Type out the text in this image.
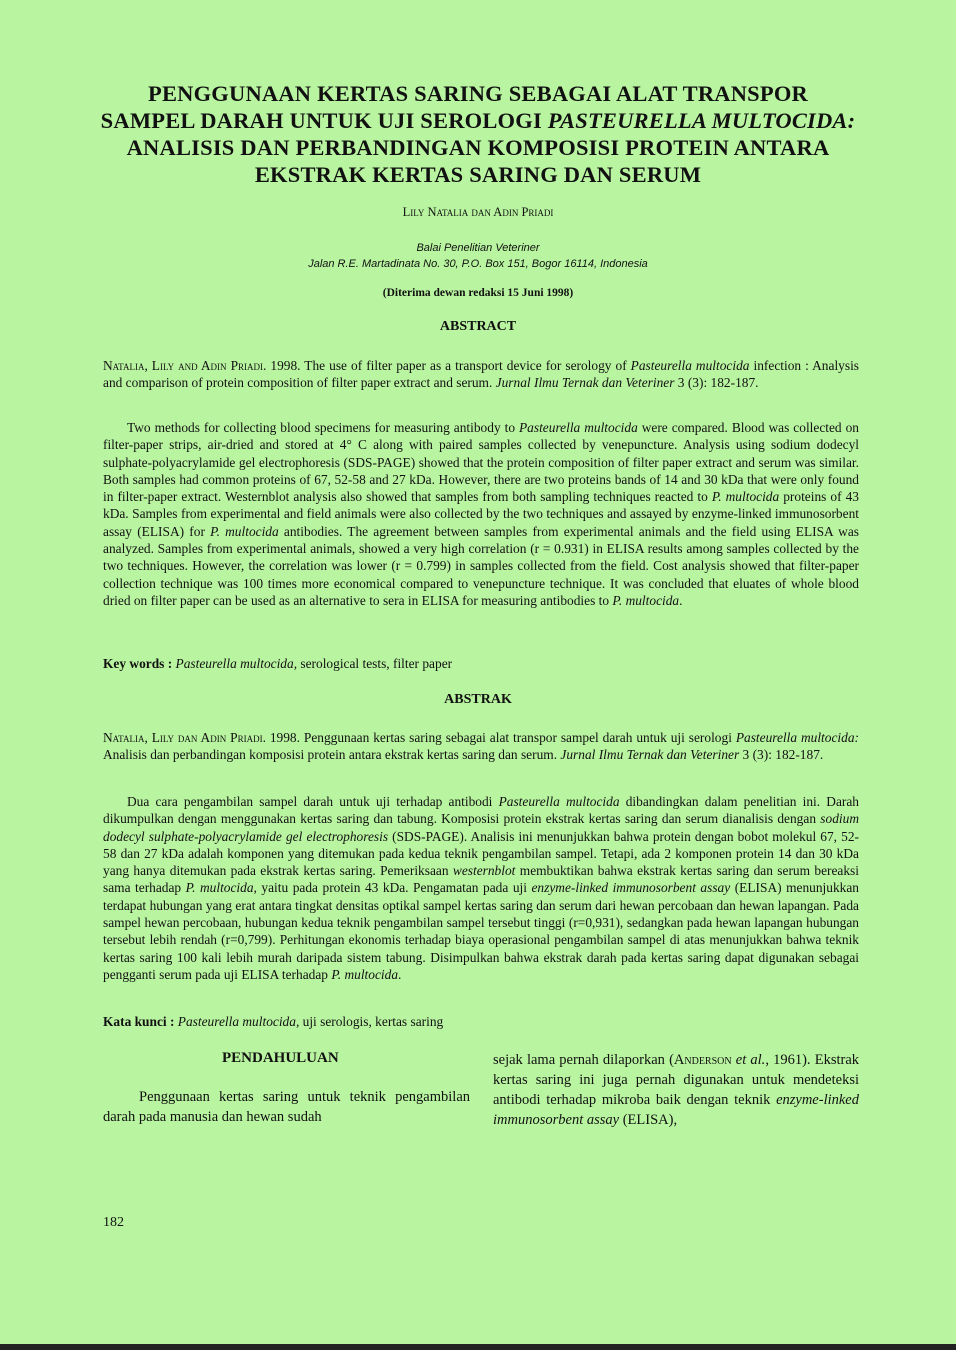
PENGGUNAAN KERTAS SARING SEBAGAI ALAT TRANSPOR
SAMPEL DARAH UNTUK UJI SEROLOGI PASTEURELLA MULTOCIDA:
ANALISIS DAN PERBANDINGAN KOMPOSISI PROTEIN ANTARA
EKSTRAK KERTAS SARING DAN SERUM
Lily Natalia dan Adin Priadi
Balai Penelitian Veteriner
Jalan R.E. Martadinata No. 30, P.O. Box 151, Bogor 16114, Indonesia
(Diterima dewan redaksi 15 Juni 1998)
ABSTRACT

Natalia, Lily and Adin Priadi. 1998. The use of filter paper as a transport device for serology of Pasteurella multocida infection : Analysis and comparison of protein composition of filter paper extract and serum. Jurnal Ilmu Ternak dan Veteriner 3 (3): 182-187.

Two methods for collecting blood specimens for measuring antibody to Pasteurella multocida were compared. Blood was collected on filter-paper strips, air-dried and stored at 4° C along with paired samples collected by venepuncture. Analysis using sodium dodecyl sulphate-polyacrylamide gel electrophoresis (SDS-PAGE) showed that the protein composition of filter paper extract and serum was similar. Both samples had common proteins of 67, 52-58 and 27 kDa. However, there are two proteins bands of 14 and 30 kDa that were only found in filter-paper extract. Westernblot analysis also showed that samples from both sampling techniques reacted to P. multocida proteins of 43 kDa. Samples from experimental and field animals were also collected by the two techniques and assayed by enzyme-linked immunosorbent assay (ELISA) for P. multocida antibodies. The agreement between samples from experimental animals and the field using ELISA was analyzed. Samples from experimental animals, showed a very high correlation (r = 0.931) in ELISA results among samples collected by the two techniques. However, the correlation was lower (r = 0.799) in samples collected from the field. Cost analysis showed that filter-paper collection technique was 100 times more economical compared to venepuncture technique. It was concluded that eluates of whole blood dried on filter paper can be used as an alternative to sera in ELISA for measuring antibodies to P. multocida.

Key words : Pasteurella multocida, serological tests, filter paper

ABSTRAK

Natalia, Lily dan Adin Priadi. 1998. Penggunaan kertas saring sebagai alat transpor sampel darah untuk uji serologi Pasteurella multocida: Analisis dan perbandingan komposisi protein antara ekstrak kertas saring dan serum. Jurnal Ilmu Ternak dan Veteriner 3 (3): 182-187.

Dua cara pengambilan sampel darah untuk uji terhadap antibodi Pasteurella multocida dibandingkan dalam penelitian ini. Darah dikumpulkan dengan menggunakan kertas saring dan tabung. Komposisi protein ekstrak kertas saring dan serum dianalisis dengan sodium dodecyl sulphate-polyacrylamide gel electrophoresis (SDS-PAGE). Analisis ini menunjukkan bahwa protein dengan bobot molekul 67, 52-58 dan 27 kDa adalah komponen yang ditemukan pada kedua teknik pengambilan sampel. Tetapi, ada 2 komponen protein 14 dan 30 kDa yang hanya ditemukan pada ekstrak kertas saring. Pemeriksaan westernblot membuktikan bahwa ekstrak kertas saring dan serum bereaksi sama terhadap P. multocida, yaitu pada protein 43 kDa. Pengamatan pada uji enzyme-linked immunosorbent assay (ELISA) menunjukkan terdapat hubungan yang erat antara tingkat densitas optikal sampel kertas saring dan serum dari hewan percobaan dan hewan lapangan. Pada sampel hewan percobaan, hubungan kedua teknik pengambilan sampel tersebut tinggi (r=0,931), sedangkan pada hewan lapangan hubungan tersebut lebih rendah (r=0,799). Perhitungan ekonomis terhadap biaya operasional pengambilan sampel di atas menunjukkan bahwa teknik kertas saring 100 kali lebih murah daripada sistem tabung. Disimpulkan bahwa ekstrak darah pada kertas saring dapat digunakan sebagai pengganti serum pada uji ELISA terhadap P. multocida.

Kata kunci : Pasteurella multocida, uji serologis, kertas saring

PENDAHULUAN

Penggunaan kertas saring untuk teknik pengambilan darah pada manusia dan hewan sudah

sejak lama pernah dilaporkan (Anderson et al., 1961). Ekstrak kertas saring ini juga pernah digunakan untuk mendeteksi antibodi terhadap mikroba baik dengan teknik enzyme-linked immunosorbent assay (ELISA),

182
